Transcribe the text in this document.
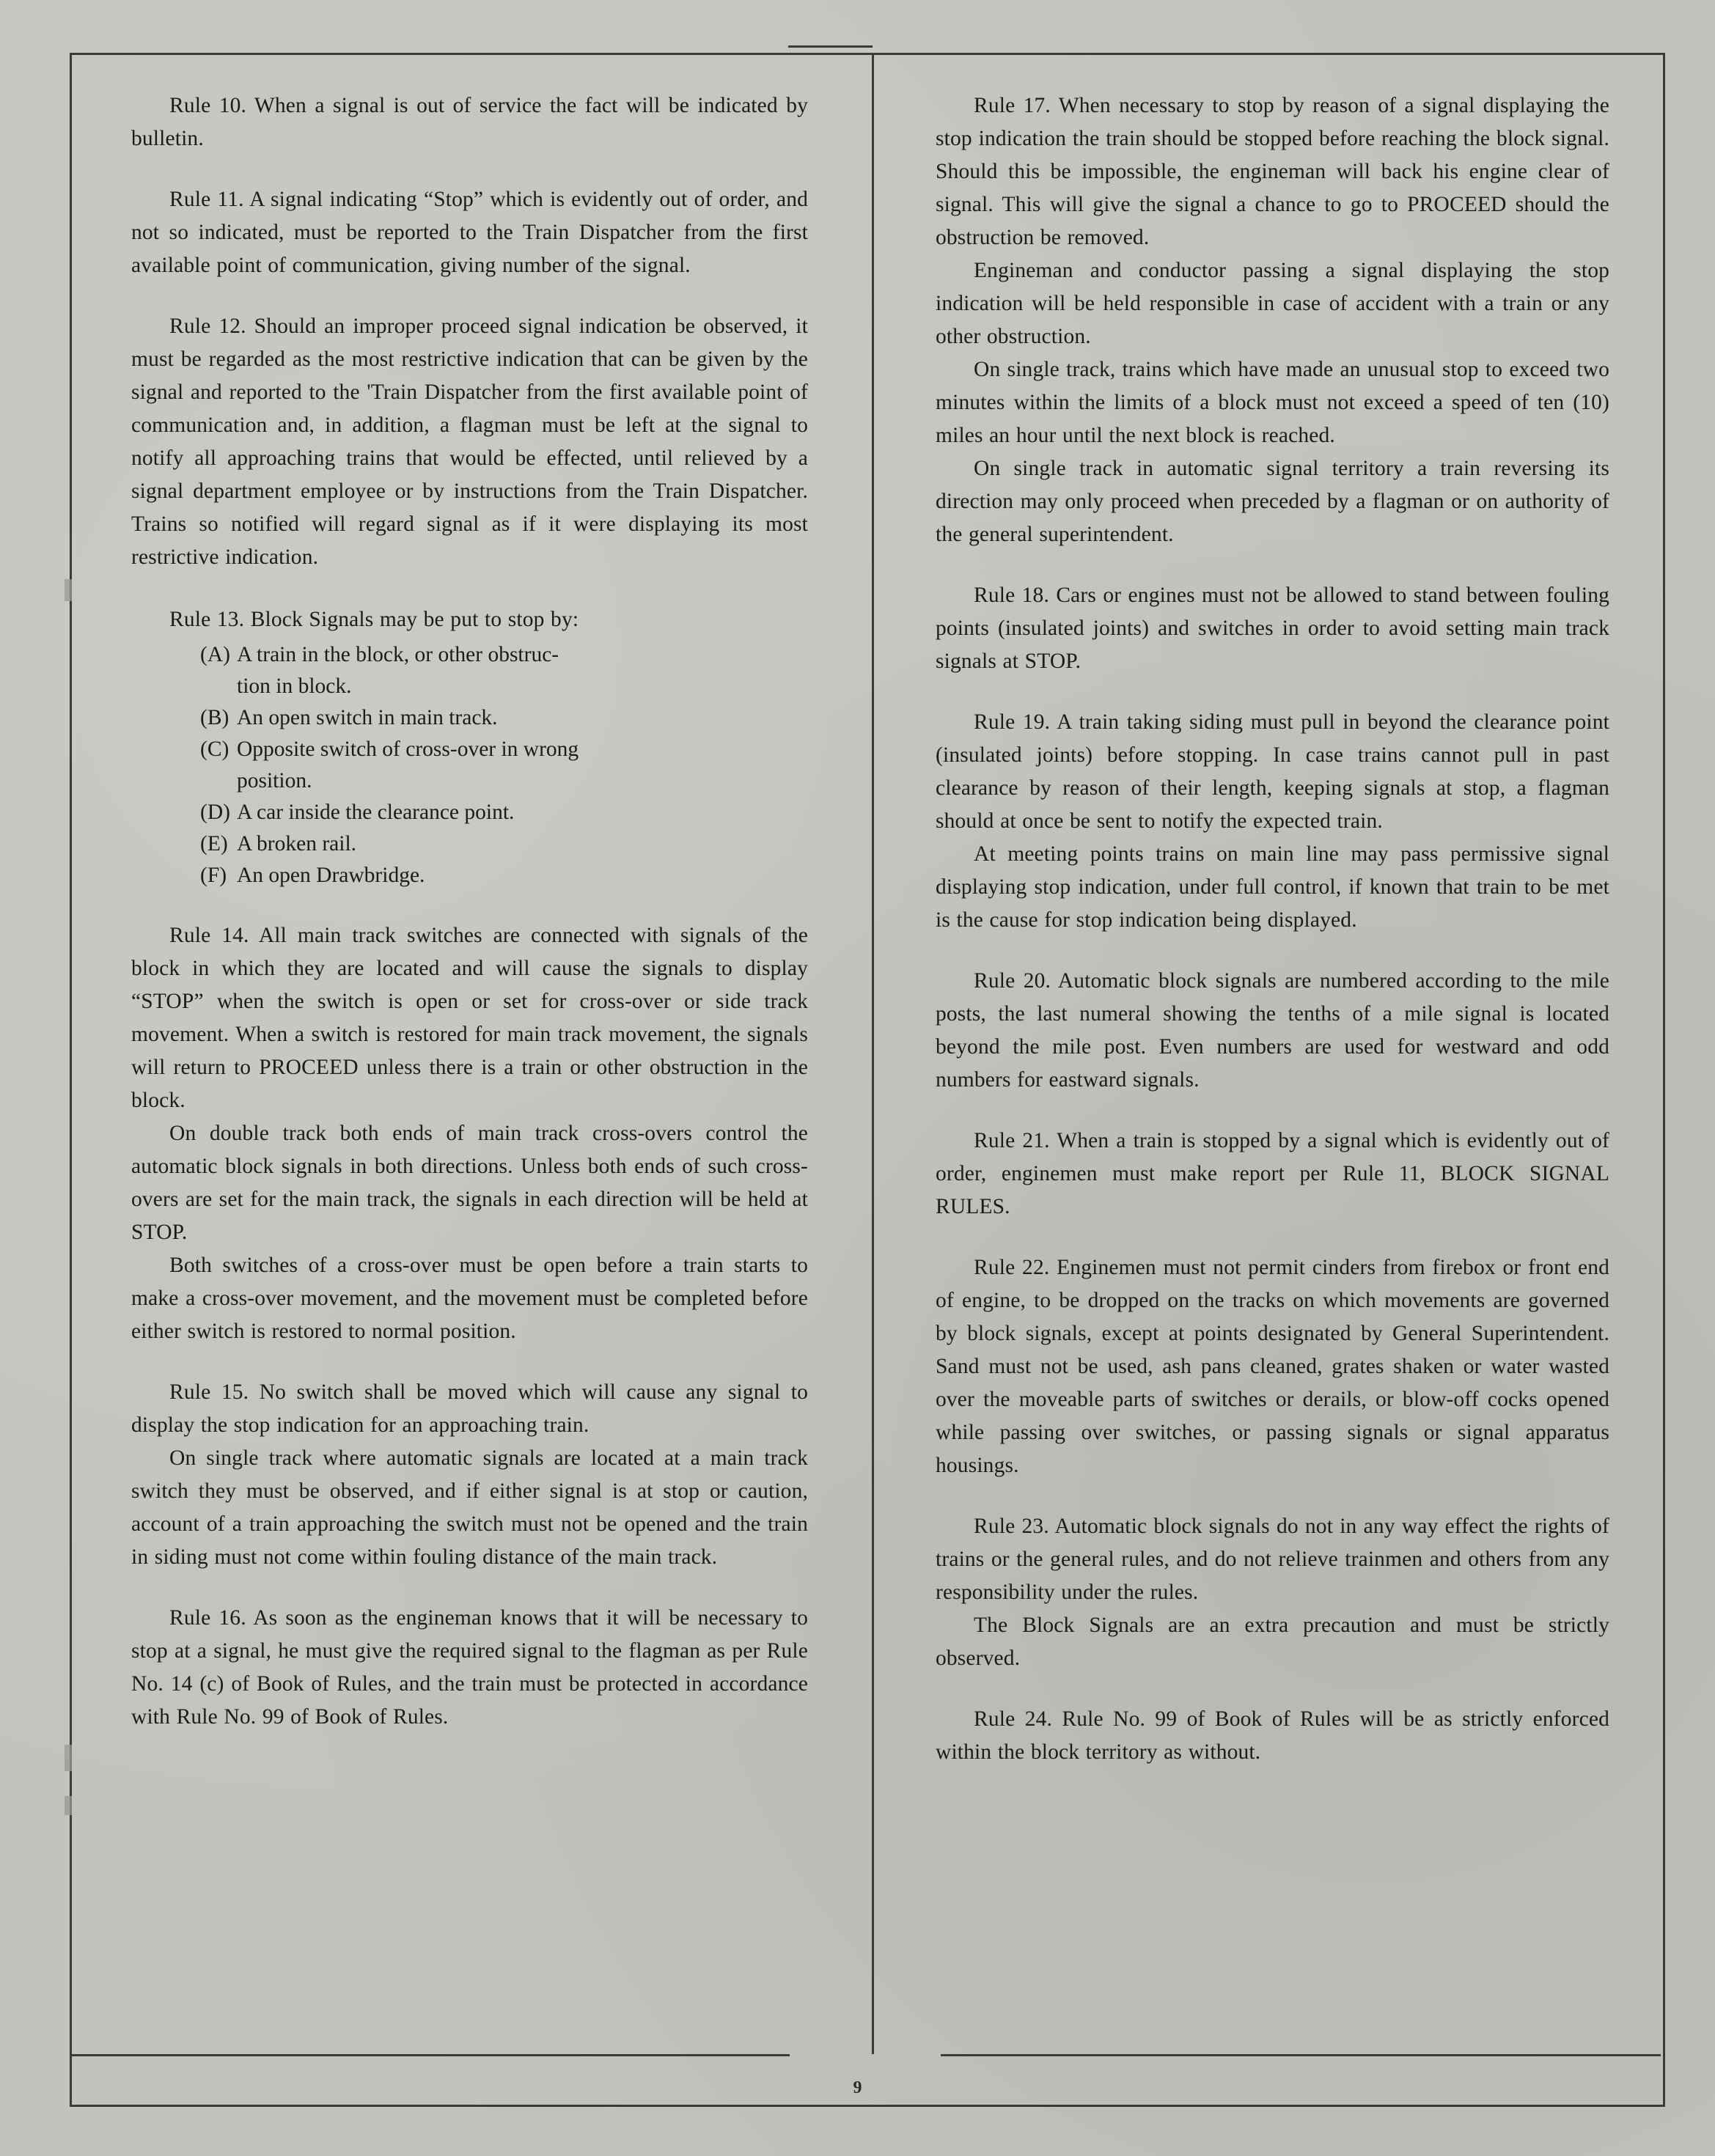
Rule 10. When a signal is out of service the fact will be indicated by bulletin.

Rule 11. A signal indicating “Stop” which is evidently out of order, and not so indicated, must be reported to the Train Dispatcher from the first available point of communication, giving number of the signal.

Rule 12. Should an improper proceed signal indication be observed, it must be regarded as the most restrictive indication that can be given by the signal and reported to the 'Train Dispatcher from the first available point of communication and, in addition, a flagman must be left at the signal to notify all approaching trains that would be effected, until relieved by a signal department employee or by instructions from the Train Dispatcher. Trains so notified will regard signal as if it were displaying its most restrictive indication.

Rule 13. Block Signals may be put to stop by:

(A) A train in the block, or other obstruc-
tion in block.
(B) An open switch in main track.
(C) Opposite switch of cross-over in wrong
position.
(D) A car inside the clearance point.
(E) A broken rail.
(F) An open Drawbridge.

Rule 14. All main track switches are connected with signals of the block in which they are located and will cause the signals to display “STOP” when the switch is open or set for cross-over or side track movement. When a switch is restored for main track movement, the signals will return to PROCEED unless there is a train or other obstruction in the block.

On double track both ends of main track cross-overs control the automatic block signals in both directions. Unless both ends of such cross-overs are set for the main track, the signals in each direction will be held at STOP.

Both switches of a cross-over must be open before a train starts to make a cross-over movement, and the movement must be completed before either switch is restored to normal position.

Rule 15. No switch shall be moved which will cause any signal to display the stop indication for an approaching train.

On single track where automatic signals are located at a main track switch they must be observed, and if either signal is at stop or caution, account of a train approaching the switch must not be opened and the train in siding must not come within fouling distance of the main track.

Rule 16. As soon as the engineman knows that it will be necessary to stop at a signal, he must give the required signal to the flagman as per Rule No. 14 (c) of Book of Rules, and the train must be protected in accordance with Rule No. 99 of Book of Rules.

Rule 17. When necessary to stop by reason of a signal displaying the stop indication the train should be stopped before reaching the block signal. Should this be impossible, the engineman will back his engine clear of signal. This will give the signal a chance to go to PROCEED should the obstruction be removed.

Engineman and conductor passing a signal displaying the stop indication will be held responsible in case of accident with a train or any other obstruction.

On single track, trains which have made an unusual stop to exceed two minutes within the limits of a block must not exceed a speed of ten (10) miles an hour until the next block is reached.

On single track in automatic signal territory a train reversing its direction may only proceed when preceded by a flagman or on authority of the general superintendent.

Rule 18. Cars or engines must not be allowed to stand between fouling points (insulated joints) and switches in order to avoid setting main track signals at STOP.

Rule 19. A train taking siding must pull in beyond the clearance point (insulated joints) before stopping. In case trains cannot pull in past clearance by reason of their length, keeping signals at stop, a flagman should at once be sent to notify the expected train.

At meeting points trains on main line may pass permissive signal displaying stop indication, under full control, if known that train to be met is the cause for stop indication being displayed.

Rule 20. Automatic block signals are numbered according to the mile posts, the last numeral showing the tenths of a mile signal is located beyond the mile post. Even numbers are used for westward and odd numbers for eastward signals.

Rule 21. When a train is stopped by a signal which is evidently out of order, enginemen must make report per Rule 11, BLOCK SIGNAL RULES.

Rule 22. Enginemen must not permit cinders from firebox or front end of engine, to be dropped on the tracks on which movements are governed by block signals, except at points designated by General Superintendent. Sand must not be used, ash pans cleaned, grates shaken or water wasted over the moveable parts of switches or derails, or blow-off cocks opened while passing over switches, or passing signals or signal apparatus housings.

Rule 23. Automatic block signals do not in any way effect the rights of trains or the general rules, and do not relieve trainmen and others from any responsibility under the rules.

The Block Signals are an extra precaution and must be strictly observed.

Rule 24. Rule No. 99 of Book of Rules will be as strictly enforced within the block territory as without.

9
